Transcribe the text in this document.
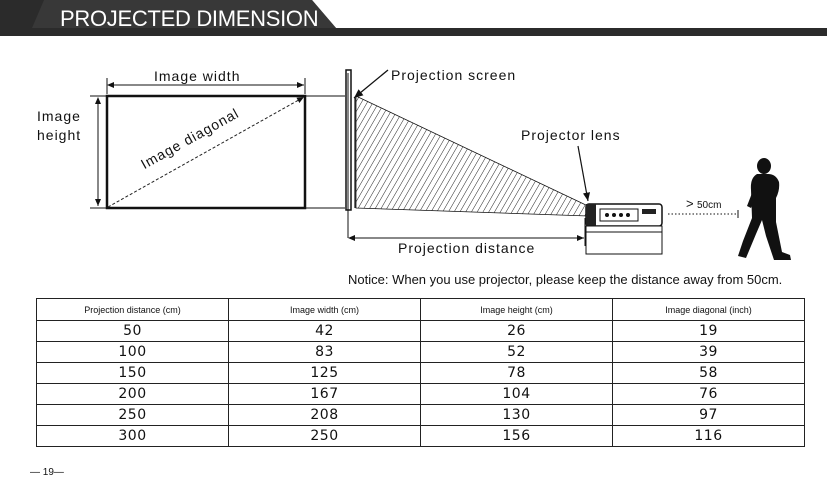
PROJECTED DIMENSION
Image width
Image
height	Image diagonal
Projection screen
Projector lens
Projection distance
> 50cm
Notice: When you use projector, please keep the distance away from 50cm.
Projection distance (cm)	Image width (cm)	Image height (cm)	Image diagonal (inch)
50	42	26	19
100	83	52	39
150	125	78	58
200	167	104	76
250	208	130	97
300	250	156	116
— 19—
